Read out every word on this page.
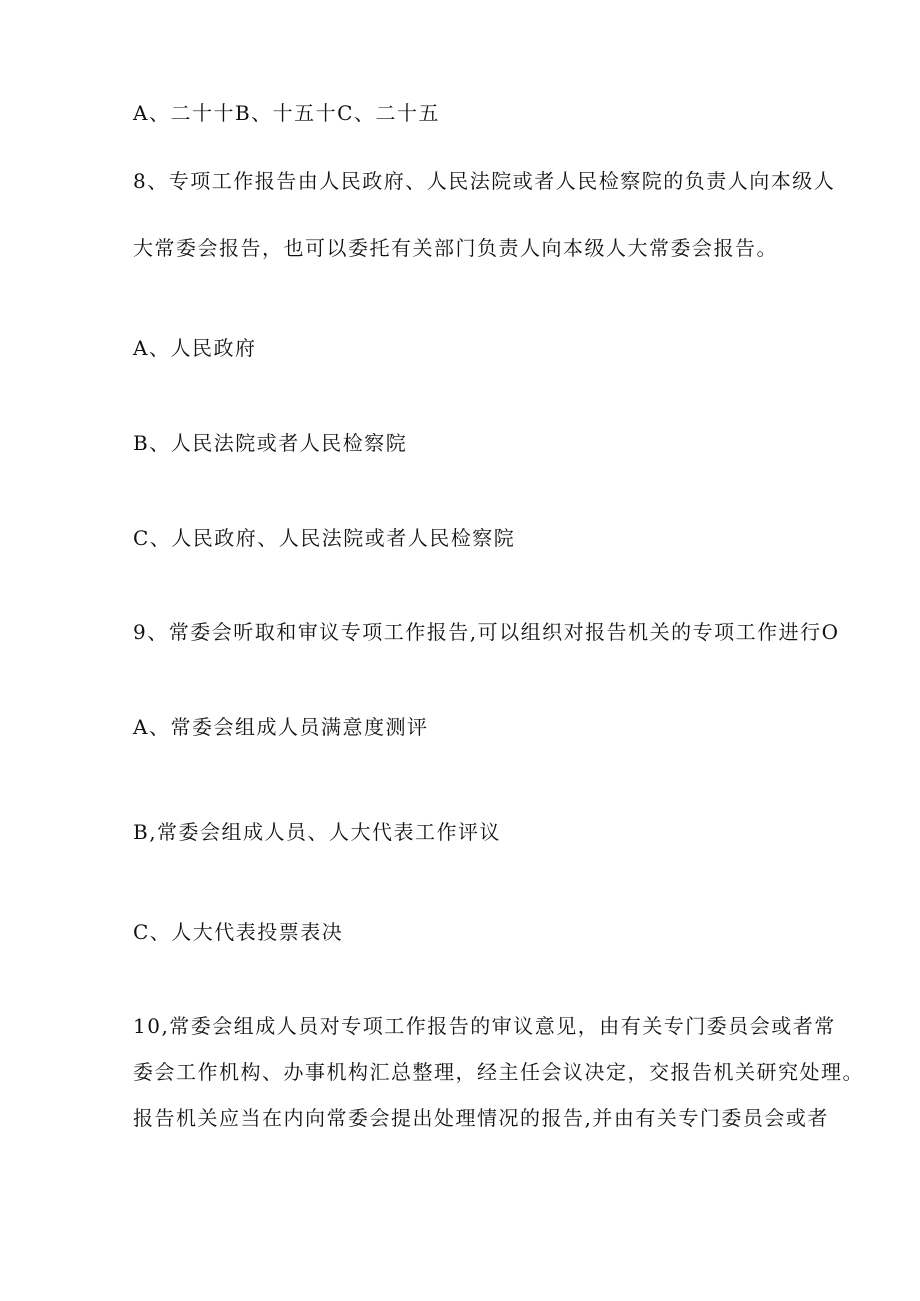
A、二十十B、十五十C、二十五
8、专项工作报告由人民政府、人民法院或者人民检察院的负责人向本级人
大常委会报告，也可以委托有关部门负责人向本级人大常委会报告。
A、人民政府
B、人民法院或者人民检察院
C、人民政府、人民法院或者人民检察院
9、常委会听取和审议专项工作报告,可以组织对报告机关的专项工作进行O
A、常委会组成人员满意度测评
B,常委会组成人员、人大代表工作评议
C、人大代表投票表决
10,常委会组成人员对专项工作报告的审议意见，由有关专门委员会或者常
委会工作机构、办事机构汇总整理，经主任会议决定，交报告机关研究处理。
报告机关应当在内向常委会提出处理情况的报告,并由有关专门委员会或者
